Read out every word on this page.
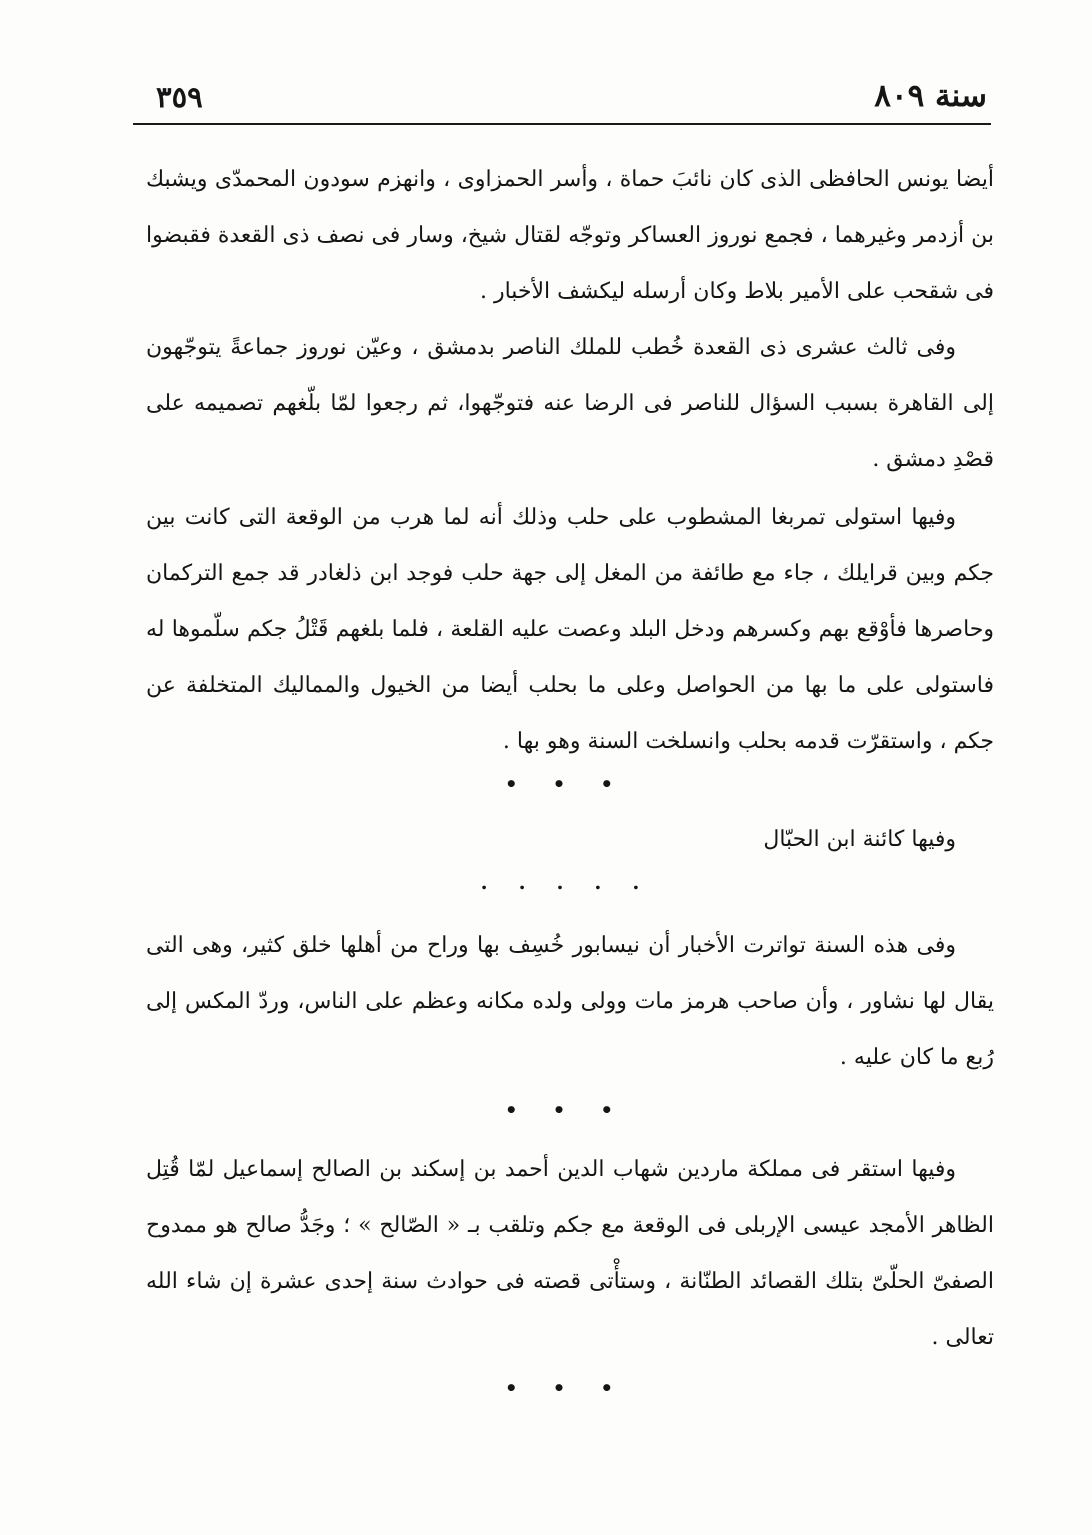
سنة ٨٠٩
٣٥٩
أيضا يونس الحافظى الذى كان نائبَ حماة ، وأسر الحمزاوى ، وانهزم سودون المحمدّى ويشبك بن أزدمر وغيرهما ، فجمع نوروز العساكر وتوجّه لقتال شيخ، وسار فى نصف ذى القعدة فقبضوا فى شقحب على الأمير بلاط وكان أرسله ليكشف الأخبار .
وفى ثالث عشرى ذى القعدة خُطب للملك الناصر بدمشق ، وعيّن نوروز جماعةً يتوجّهون إلى القاهرة بسبب السؤال للناصر فى الرضا عنه فتوجّهوا، ثم رجعوا لمّا بلّغهم تصميمه على قصْدِ دمشق .
وفيها استولى تمربغا المشطوب على حلب وذلك أنه لما هرب من الوقعة التى كانت بين جكم وبين قرايلك ، جاء مع طائفة من المغل إلى جهة حلب فوجد ابن ذلغادر قد جمع التركمان وحاصرها فأوْقع بهم وكسرهم ودخل البلد وعصت عليه القلعة ، فلما بلغهم قَتْلُ جكم سلّموها له فاستولى على ما بها من الحواصل وعلى ما بحلب أيضا من الخيول والمماليك المتخلفة عن جكم ، واستقرّت قدمه بحلب وانسلخت السنة وهو بها .
• • •
وفيها كائنة ابن الحبّال
. . . . .
وفى هذه السنة تواترت الأخبار أن نيسابور خُسِف بها وراح من أهلها خلق كثير، وهى التى يقال لها نشاور ، وأن صاحب هرمز مات وولى ولده مكانه وعظم على الناس، وردّ المكس إلى رُبع ما كان عليه .
• • •
وفيها استقر فى مملكة ماردين شهاب الدين أحمد بن إسكند بن الصالح إسماعيل لمّا قُتِل الظاهر الأمجد عيسى الإربلى فى الوقعة مع جكم وتلقب بـ « الصّالح » ؛ وجَدُّ صالح هو ممدوح الصفىّ الحلّىّ بتلك القصائد الطنّانة ، وستأْتى قصته فى حوادث سنة إحدى عشرة إن شاء الله تعالى .
• • •
